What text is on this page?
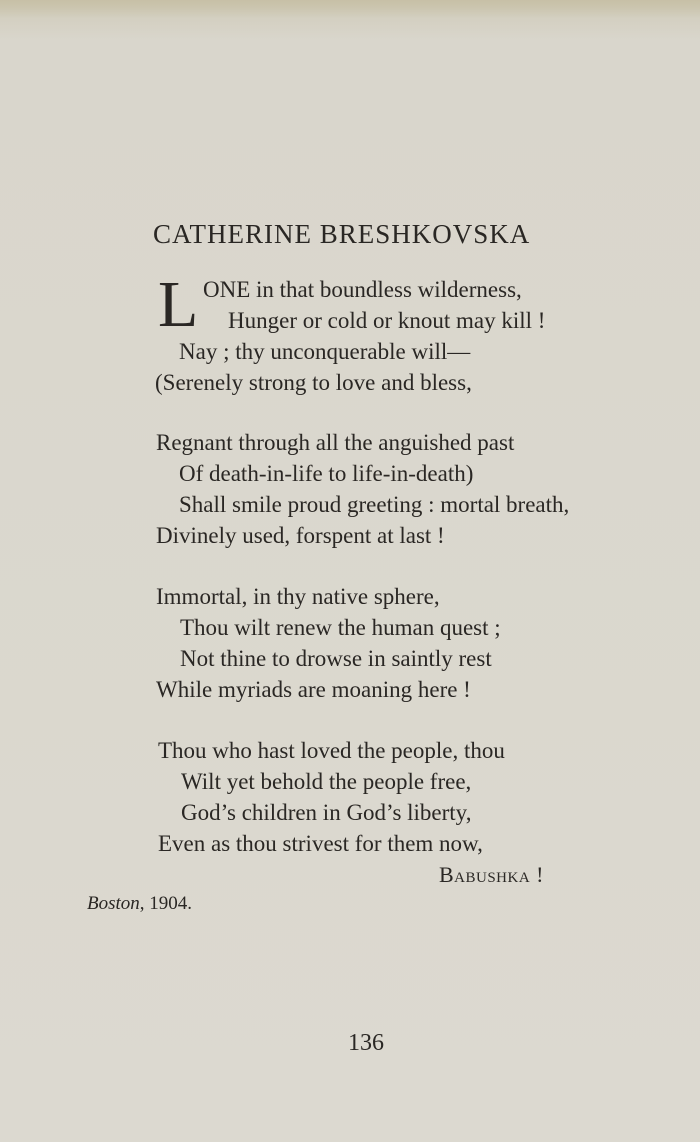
CATHERINE BRESHKOVSKA
L ONE in that boundless wilderness,
Hunger or cold or knout may kill !
Nay ; thy unconquerable will—
(Serenely strong to love and bless,
Regnant through all the anguished past
Of death-in-life to life-in-death)
Shall smile proud greeting : mortal breath,
Divinely used, forspent at last !
Immortal, in thy native sphere,
Thou wilt renew the human quest ;
Not thine to drowse in saintly rest
While myriads are moaning here !
Thou who hast loved the people, thou
Wilt yet behold the people free,
God’s children in God’s liberty,
Even as thou strivest for them now,
Babushka !
Boston, 1904.
136
